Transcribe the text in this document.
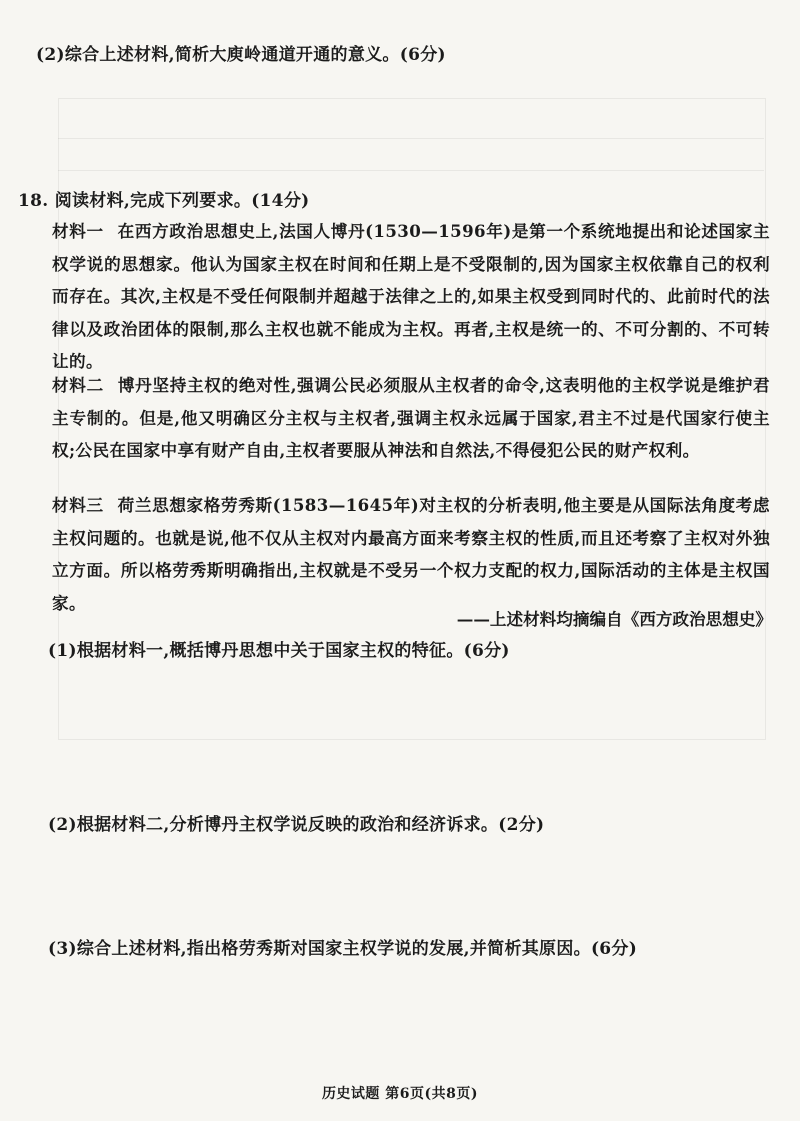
(2)综合上述材料,简析大庾岭通道开通的意义。(6分)
18. 阅读材料,完成下列要求。(14分)
材料一 在西方政治思想史上,法国人博丹(1530—1596年)是第一个系统地提出和论述国家主权学说的思想家。他认为国家主权在时间和任期上是不受限制的,因为国家主权依靠自己的权利而存在。其次,主权是不受任何限制并超越于法律之上的,如果主权受到同时代的、此前时代的法律以及政治团体的限制,那么主权也就不能成为主权。再者,主权是统一的、不可分割的、不可转让的。
材料二 博丹坚持主权的绝对性,强调公民必须服从主权者的命令,这表明他的主权学说是维护君主专制的。但是,他又明确区分主权与主权者,强调主权永远属于国家,君主不过是代国家行使主权;公民在国家中享有财产自由,主权者要服从神法和自然法,不得侵犯公民的财产权利。
材料三 荷兰思想家格劳秀斯(1583—1645年)对主权的分析表明,他主要是从国际法角度考虑主权问题的。也就是说,他不仅从主权对内最高方面来考察主权的性质,而且还考察了主权对外独立方面。所以格劳秀斯明确指出,主权就是不受另一个权力支配的权力,国际活动的主体是主权国家。
——上述材料均摘编自《西方政治思想史》
(1)根据材料一,概括博丹思想中关于国家主权的特征。(6分)
(2)根据材料二,分析博丹主权学说反映的政治和经济诉求。(2分)
(3)综合上述材料,指出格劳秀斯对国家主权学说的发展,并简析其原因。(6分)
历史试题 第6页(共8页)
